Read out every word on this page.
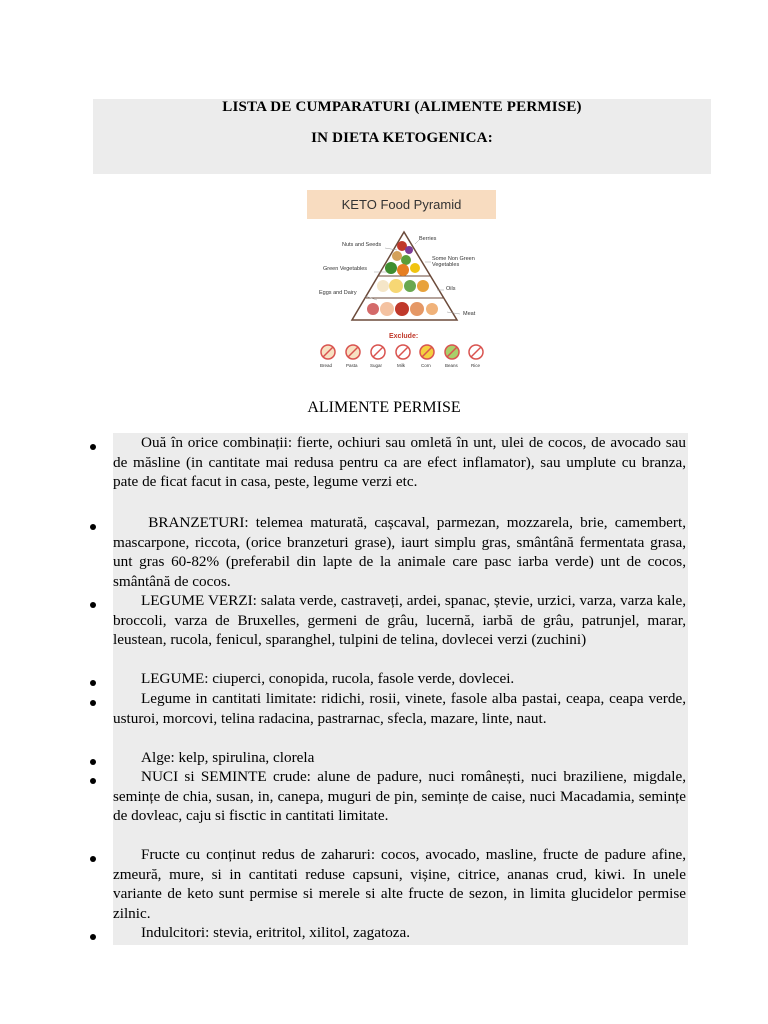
LISTA DE CUMPARATURI (ALIMENTE PERMISE)
IN DIETA KETOGENICA:
KETO Food Pyramid
Nuts and Seeds
Green Vegetables
Eggs and Dairy
Berries
Some Non Green Vegetables
Oils
Meat
Exclude:
Bread	Pasta	Sugar	Milk	Corn	Beans	Rice
ALIMENTE PERMISE
Ouă în orice combinații: fierte, ochiuri sau omletă în unt, ulei de cocos, de avocado sau de măsline (in cantitate mai redusa pentru ca are efect inflamator), sau umplute cu branza, pate de ficat facut in casa, peste, legume verzi etc.
BRANZETURI: telemea maturată, cașcaval, parmezan, mozzarela, brie, camembert, mascarpone, riccota, (orice branzeturi grase), iaurt simplu gras, smântână fermentata grasa, unt gras 60-82% (preferabil din lapte de la animale care pasc iarba verde) unt de cocos, smântână de cocos.
LEGUME VERZI: salata verde, castraveți, ardei, spanac, ștevie, urzici, varza, varza kale, broccoli, varza de Bruxelles, germeni de grâu, lucernă, iarbă de grâu, patrunjel, marar, leustean, rucola, fenicul, sparanghel, tulpini de telina, dovlecei verzi (zuchini)
LEGUME: ciuperci, conopida, rucola, fasole verde, dovlecei.
Legume in cantitati limitate: ridichi, rosii, vinete, fasole alba pastai, ceapa, ceapa verde, usturoi, morcovi, telina radacina, pastrarnac, sfecla, mazare, linte, naut.
Alge: kelp, spirulina, clorela
NUCI si SEMINTE crude: alune de padure, nuci românești, nuci braziliene, migdale, semințe de chia, susan, in, canepa, muguri de pin, semințe de caise, nuci Macadamia, semințe de dovleac, caju si fisctic in cantitati limitate.
Fructe cu conținut redus de zaharuri: cocos, avocado, masline, fructe de padure afine, zmeură, mure, si in cantitati reduse capsuni, vișine, citrice, ananas crud, kiwi. In unele variante de keto sunt permise si merele si alte fructe de sezon, in limita glucidelor permise zilnic.
Indulcitori: stevia, eritritol, xilitol, zagatoza.
